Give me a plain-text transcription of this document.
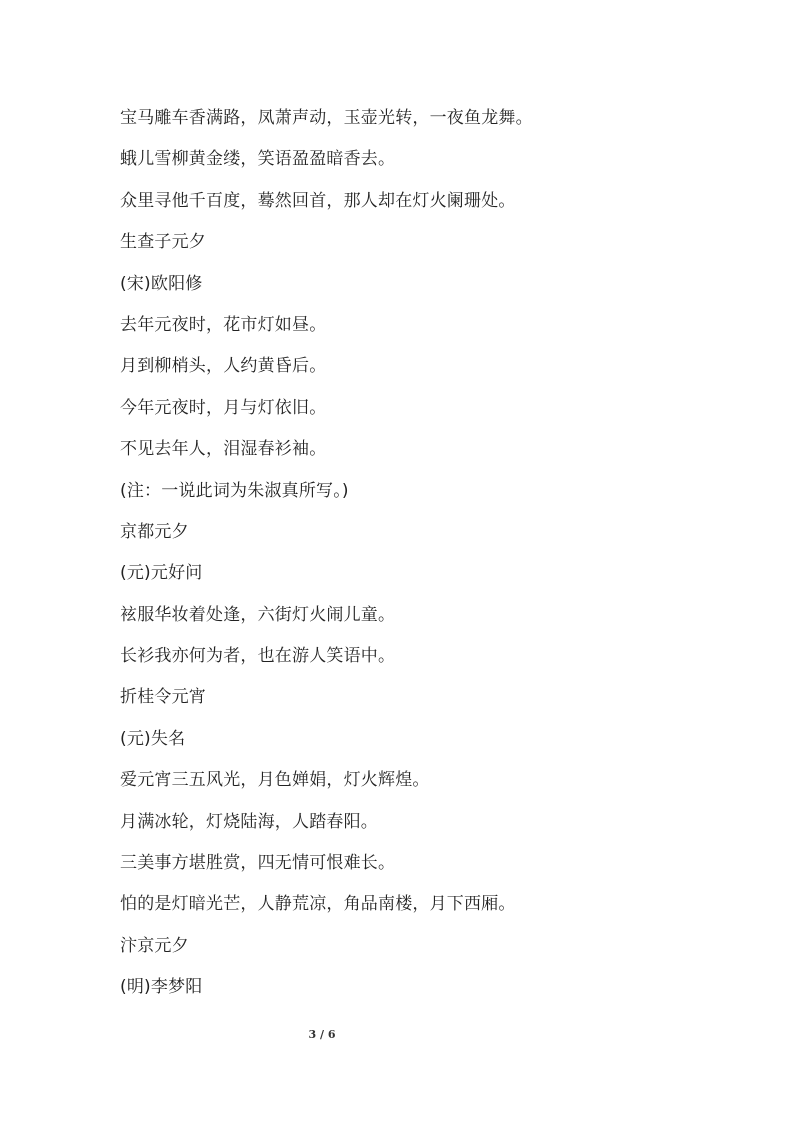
宝马雕车香满路，凤萧声动，玉壶光转，一夜鱼龙舞。
蛾儿雪柳黄金缕，笑语盈盈暗香去。
众里寻他千百度，蓦然回首，那人却在灯火阑珊处。
生查子元夕
(宋)欧阳修
去年元夜时，花市灯如昼。
月到柳梢头，人约黄昏后。
今年元夜时，月与灯依旧。
不见去年人，泪湿春衫袖。
(注：一说此词为朱淑真所写。)
京都元夕
(元)元好问
袨服华妆着处逢，六街灯火闹儿童。
长衫我亦何为者，也在游人笑语中。
折桂令元宵
(元)失名
爱元宵三五风光，月色婵娟，灯火辉煌。
月满冰轮，灯烧陆海，人踏春阳。
三美事方堪胜赏，四无情可恨难长。
怕的是灯暗光芒，人静荒凉，角品南楼，月下西厢。
汴京元夕
(明)李梦阳
3 / 6
